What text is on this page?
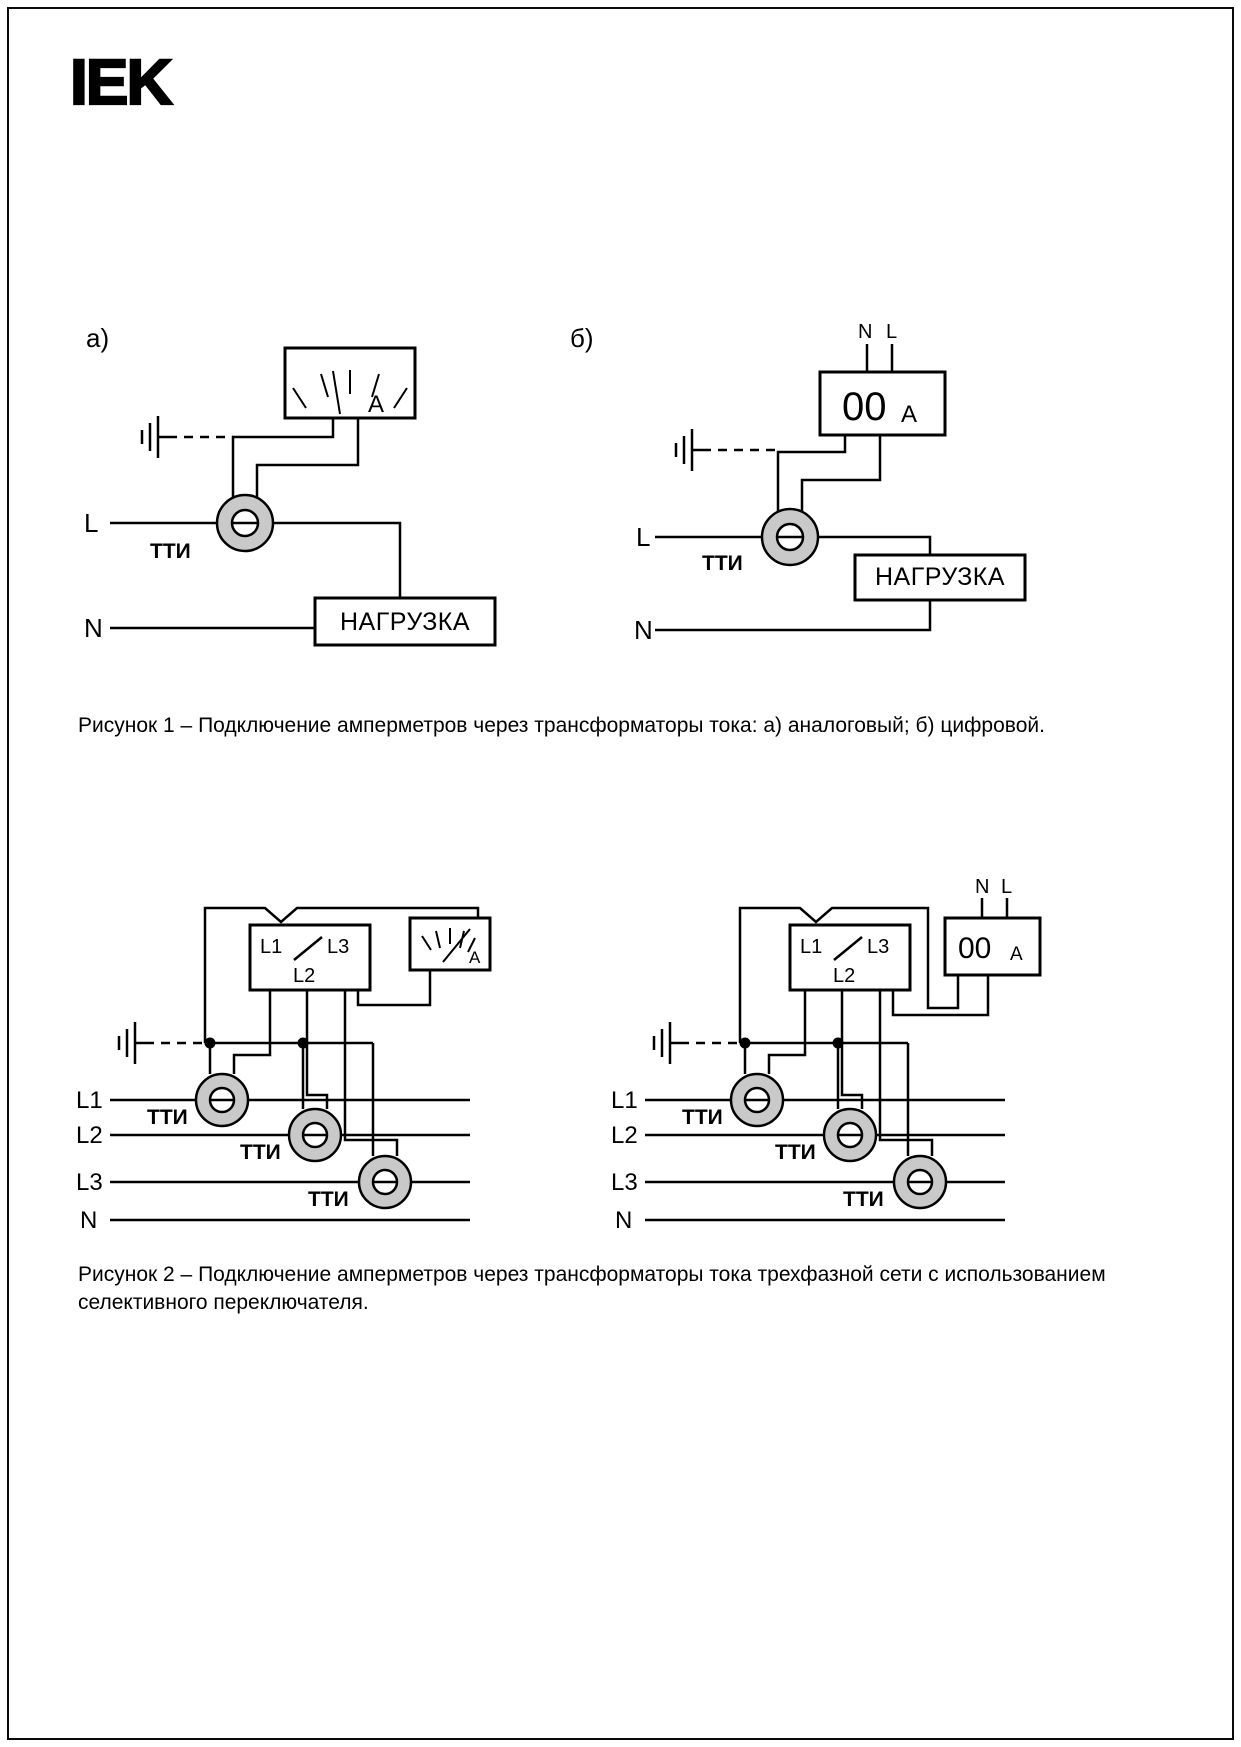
IEK
а)
А
ТТИ
L
N	НАГРУЗКА
б)	N L
00 А
ТТИ
L
N
НАГРУЗКА
L1 L3
L2
А
ТТИ
ТТИ
ТТИ
L1
L2
L3
N
L1 L3
L2
N L
00 А
ТТИ
ТТИ
ТТИ
L1
L2
L3
N
Рисунок 1 – Подключение амперметров через трансформаторы тока: а) аналоговый; б) цифровой.
Рисунок 2 – Подключение амперметров через трансформаторы тока трехфазной сети с использованием
селективного переключателя.
